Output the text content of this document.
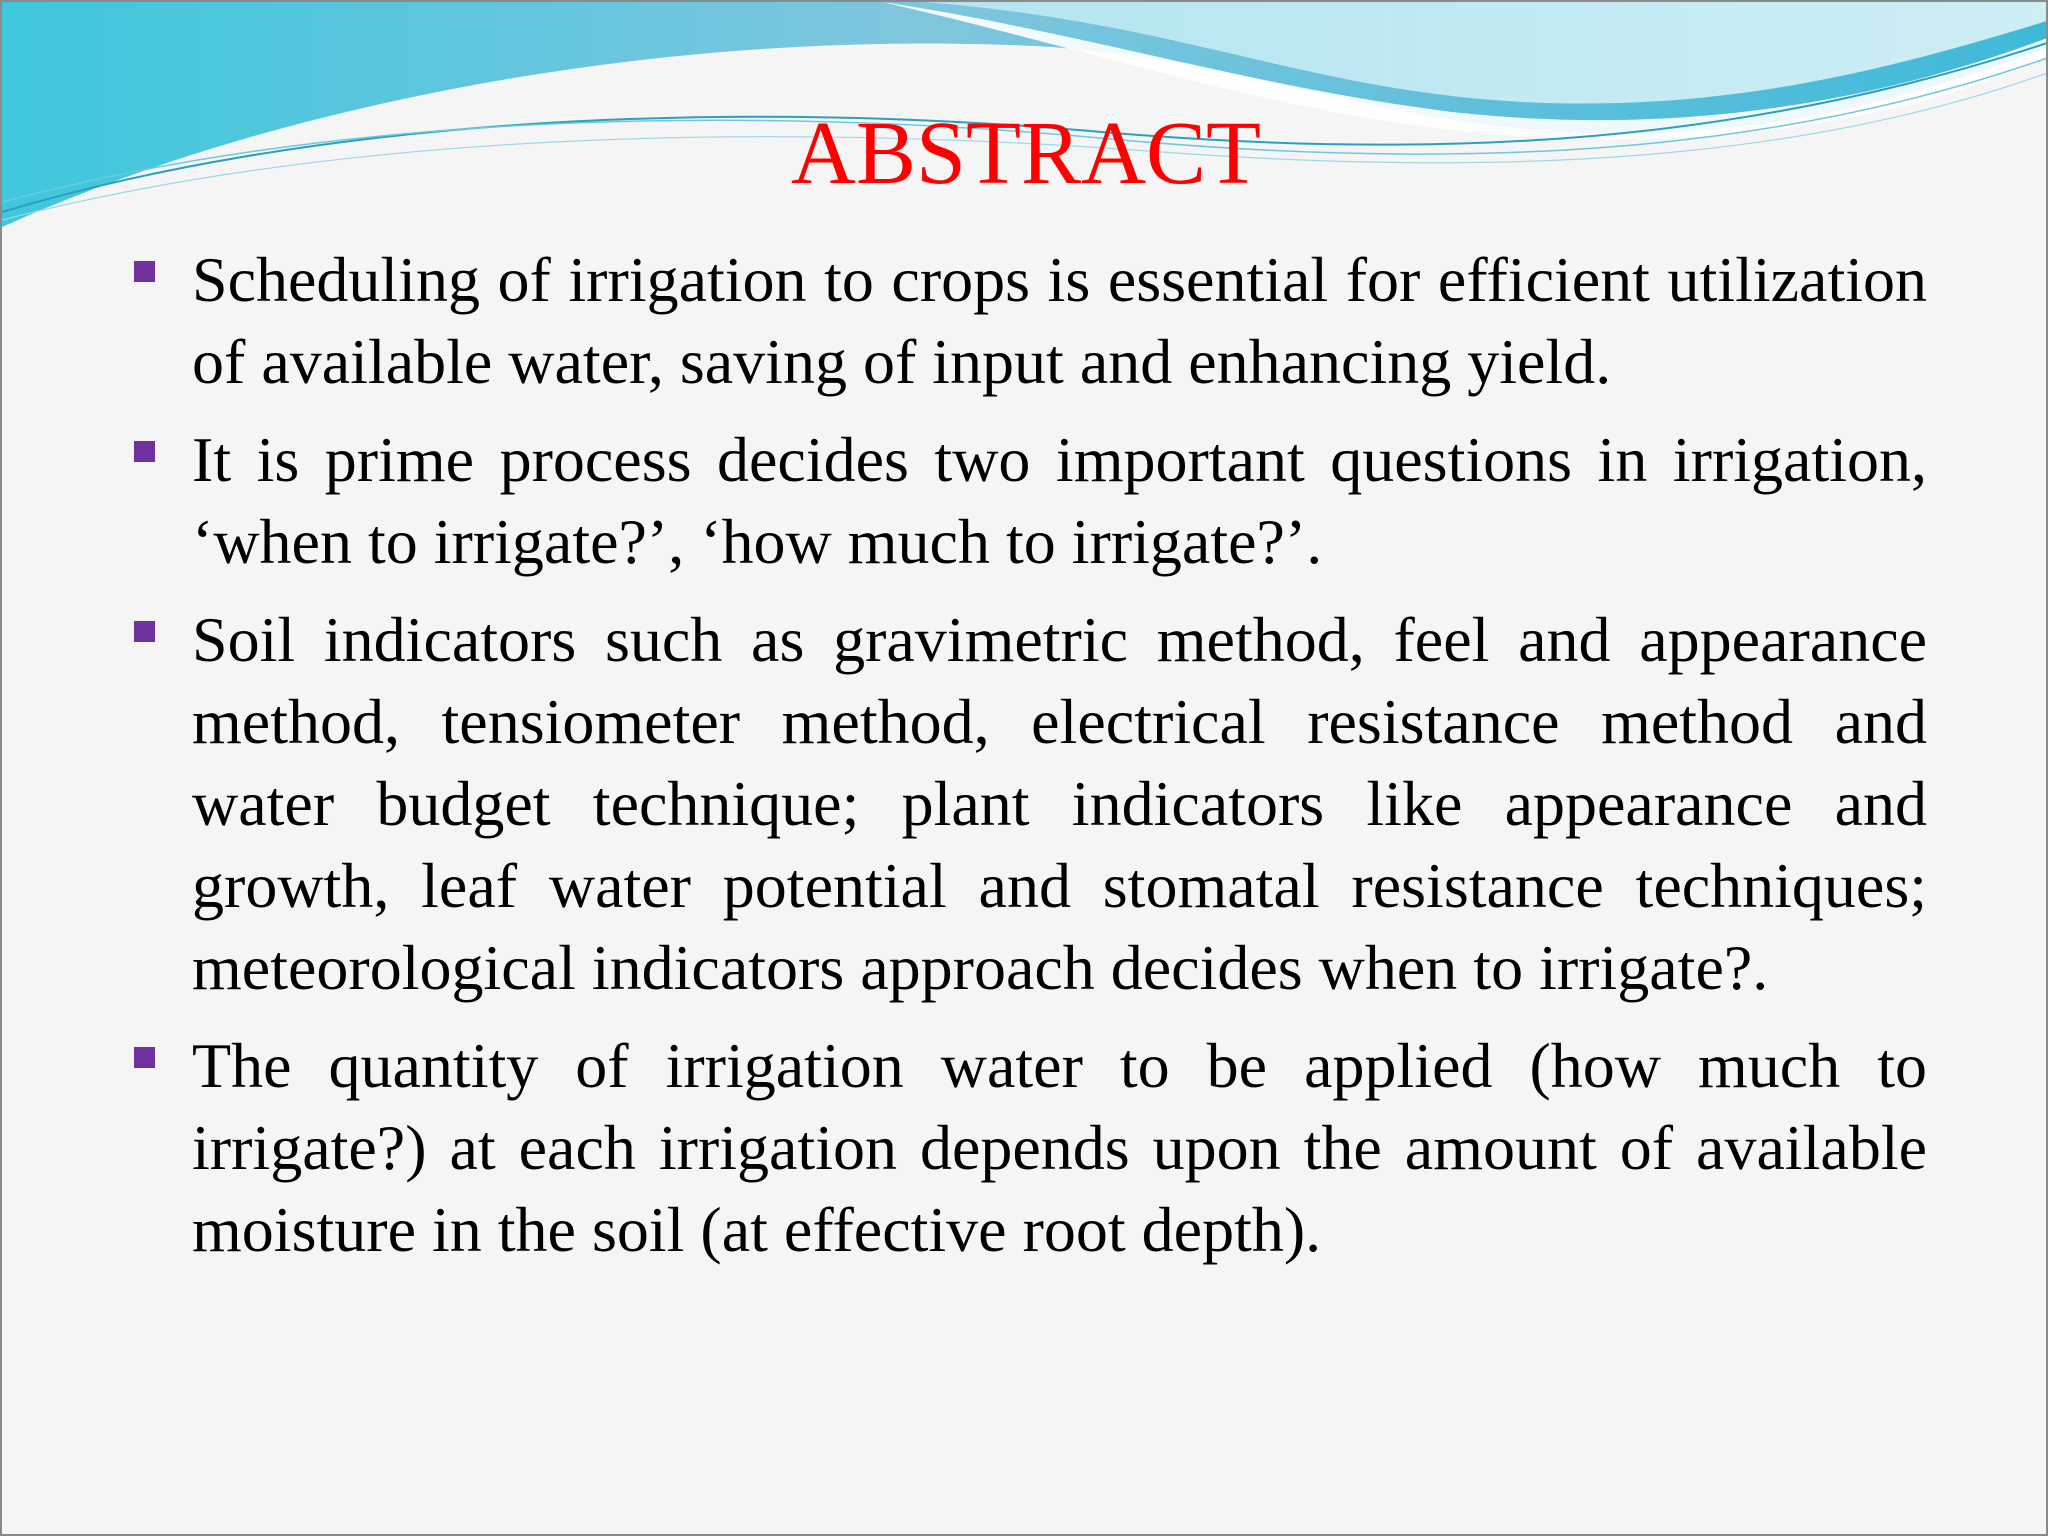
ABSTRACT
Scheduling of irrigation to crops is essential for efficient utilization of available water, saving of input and enhancing yield.
It is prime process decides two important questions in irrigation, ‘when to irrigate?’, ‘how much to irrigate?’.
Soil indicators such as gravimetric method, feel and appearance method, tensiometer method, electrical resistance method and water budget technique; plant indicators like appearance and growth, leaf water potential and stomatal resistance techniques; meteorological indicators approach decides when to irrigate?.
The quantity of irrigation water to be applied (how much to irrigate?) at each irrigation depends upon the amount of available moisture in the soil (at effective root depth).
